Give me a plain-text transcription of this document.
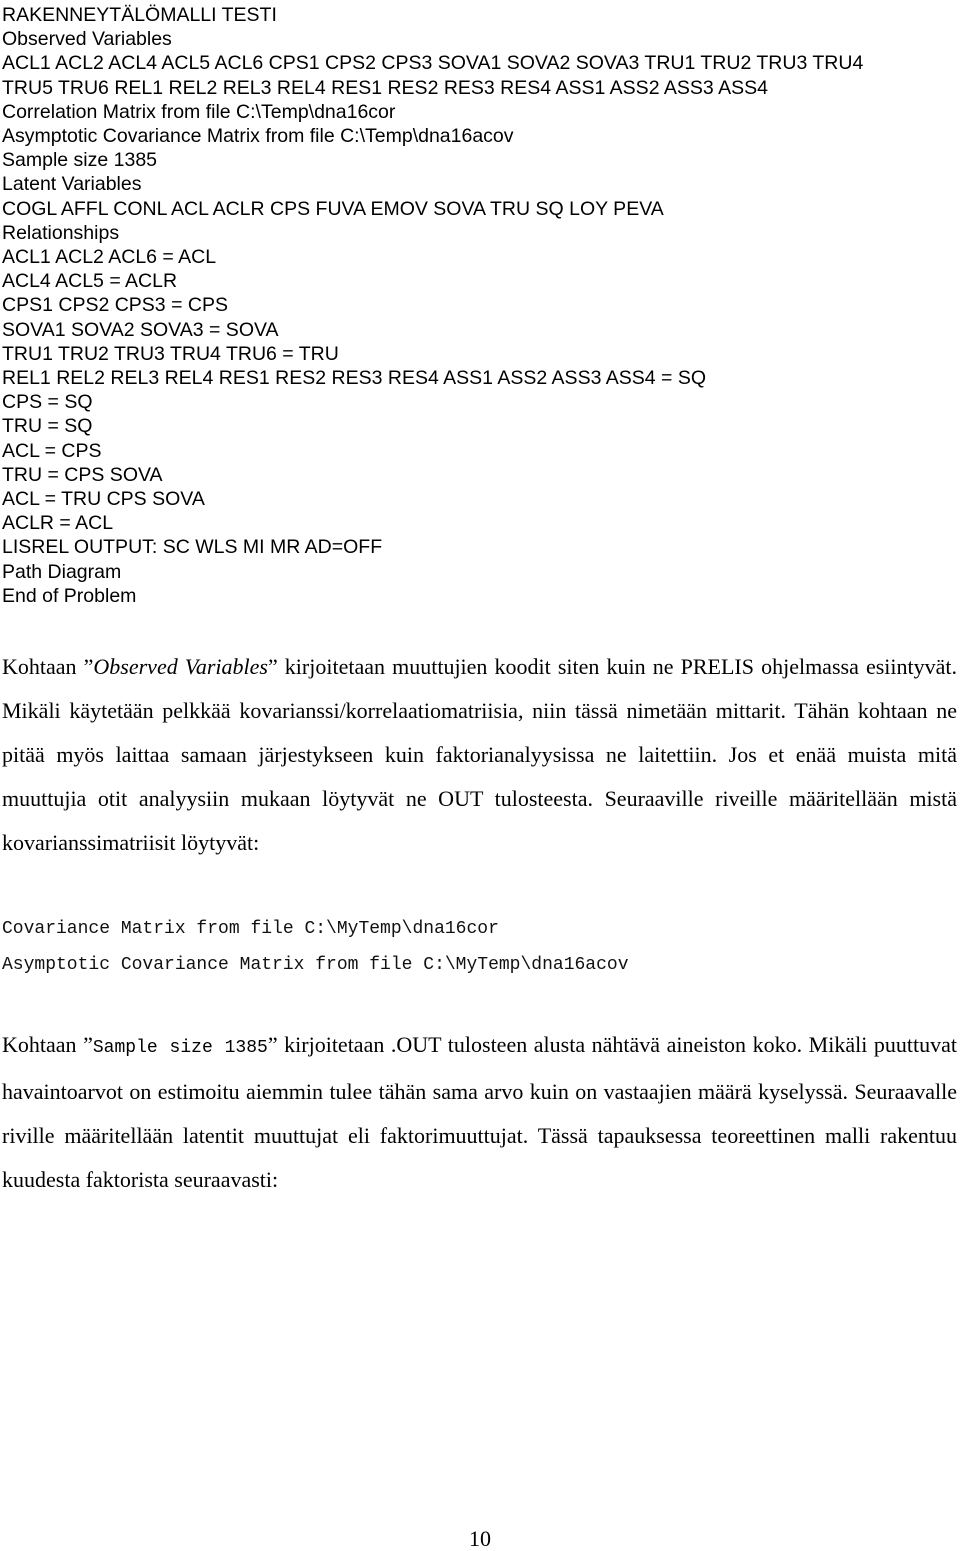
RAKENNEYTÄLÖMALLI TESTI
Observed Variables
ACL1 ACL2 ACL4 ACL5 ACL6 CPS1 CPS2 CPS3 SOVA1 SOVA2 SOVA3 TRU1 TRU2 TRU3 TRU4
TRU5 TRU6 REL1 REL2 REL3 REL4 RES1 RES2 RES3 RES4 ASS1 ASS2 ASS3 ASS4
Correlation Matrix from file C:\Temp\dna16cor
Asymptotic Covariance Matrix from file C:\Temp\dna16acov
Sample size 1385
Latent Variables
COGL AFFL CONL ACL ACLR CPS FUVA EMOV SOVA TRU SQ LOY PEVA
Relationships
ACL1 ACL2 ACL6 = ACL
ACL4 ACL5 = ACLR
CPS1 CPS2 CPS3 = CPS
SOVA1 SOVA2 SOVA3 = SOVA
TRU1 TRU2 TRU3 TRU4 TRU6 = TRU
REL1 REL2 REL3 REL4 RES1 RES2 RES3 RES4 ASS1 ASS2 ASS3 ASS4 = SQ
CPS = SQ
TRU = SQ
ACL = CPS
TRU = CPS SOVA
ACL = TRU CPS SOVA
ACLR = ACL
LISREL OUTPUT: SC WLS MI MR AD=OFF
Path Diagram
End of Problem

Kohtaan ”Observed Variables” kirjoitetaan muuttujien koodit siten kuin ne PRELIS ohjelmassa esiintyvät. Mikäli käytetään pelkkää kovarianssi/korrelaatiomatriisia, niin tässä nimetään mittarit. Tähän kohtaan ne pitää myös laittaa samaan järjestykseen kuin faktorianalyysissa ne laitettiin. Jos et enää muista mitä muuttujia otit analyysiin mukaan löytyvät ne OUT tulosteesta. Seuraaville riveille määritellään mistä kovarianssimatriisit löytyvät:

Covariance Matrix from file C:\MyTemp\dna16cor
Asymptotic Covariance Matrix from file C:\MyTemp\dna16acov

Kohtaan ”Sample size 1385” kirjoitetaan .OUT tulosteen alusta nähtävä aineiston koko. Mikäli puuttuvat havaintoarvot on estimoitu aiemmin tulee tähän sama arvo kuin on vastaajien määrä kyselyssä. Seuraavalle riville määritellään latentit muuttujat eli faktorimuuttujat. Tässä tapauksessa teoreettinen malli rakentuu kuudesta faktorista seuraavasti:

10
